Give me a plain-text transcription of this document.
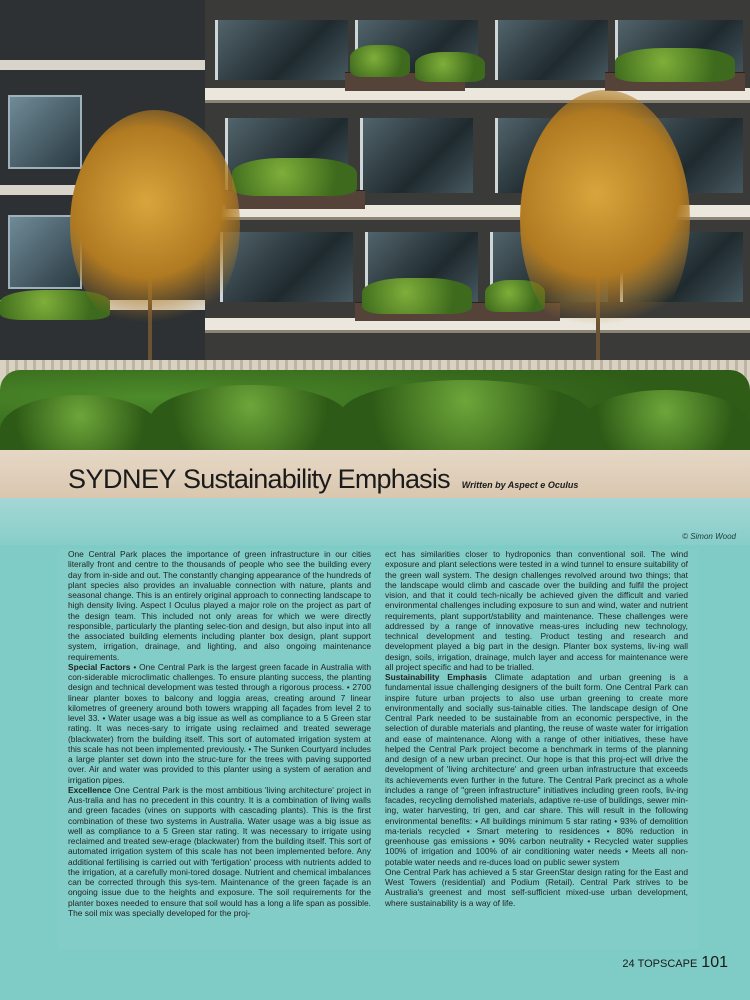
© Simon Wood
SYDNEY Sustainability Emphasis Written by Aspect e Oculus

One Central Park places the importance of green infrastructure in our cities literally front and centre to the thousands of people who see the building every day from in-side and out. The constantly changing appearance of the hundreds of plant species also provides an invaluable connection with nature, plants and seasonal change. This is an entirely original approach to connecting landscape to high density living. Aspect I Oculus played a major role on the project as part of the design team. This included not only areas for which we were directly responsible, particularly the planting selec-tion and design, but also input into all the associated building elements including planter box design, plant support system, irrigation, drainage, and lighting, and also ongoing maintenance requirements.

Special Factors • One Central Park is the largest green facade in Australia with con-siderable microclimatic challenges. To ensure planting success, the planting design and technical development was tested through a rigorous process. • 2700 linear planter boxes to balcony and loggia areas, creating around 7 linear kilometres of greenery around both towers wrapping all façades from level 2 to level 33. • Water usage was a big issue as well as compliance to a 5 Green star rating. It was neces-sary to irrigate using reclaimed and treated sewerage (blackwater) from the building itself. This sort of automated irrigation system at this scale has not been implemented previously. • The Sunken Courtyard includes a large planter set down into the struc-ture for the trees with paving supported over. Air and water was provided to this planter using a system of aeration and irrigation pipes.

Excellence One Central Park is the most ambitious 'living architecture' project in Aus-tralia and has no precedent in this country. It is a combination of living walls and green facades (vines on supports with cascading plants). This is the first combination of these two systems in Australia. Water usage was a big issue as well as compliance to a 5 Green star rating. It was necessary to irrigate using reclaimed and treated sew-erage (blackwater) from the building itself. This sort of automated irrigation system of this scale has not been implemented before. Any additional fertilising is carried out with 'fertigation' process with nutrients added to the irrigation, at a carefully moni-tored dosage. Nutrient and chemical imbalances can be corrected through this sys-tem. Maintenance of the green façade is an ongoing issue due to the heights and exposure. The soil requirements for the planter boxes needed to ensure that soil would has a long a life span as possible. The soil mix was specially developed for the proj-

ect has similarities closer to hydroponics than conventional soil. The wind exposure and plant selections were tested in a wind tunnel to ensure suitability of the green wall system. The design challenges revolved around two things; that the landscape would climb and cascade over the building and fulfil the project vision, and that it could tech-nically be achieved given the difficult and varied environmental challenges including exposure to sun and wind, water and nutrient requirements, plant support/stability and maintenance. These challenges were addressed by a range of innovative meas-ures including new technology, technical development and testing. Product testing and research and development played a big part in the design. Planter box systems, liv-ing wall design, soils, irrigation, drainage, mulch layer and access for maintenance were all project specific and had to be trialled.

Sustainability Emphasis Climate adaptation and urban greening is a fundamental issue challenging designers of the built form. One Central Park can inspire future urban projects to also use urban greening to create more environmentally and socially sus-tainable cities. The landscape design of One Central Park needed to be sustainable from an economic perspective, in the selection of durable materials and planting, the reuse of waste water for irrigation and ease of maintenance. Along with a range of other initiatives, these have helped the Central Park project become a benchmark in terms of the planning and design of a new urban precinct. Our hope is that this proj-ect will drive the development of 'living architecture' and green urban infrastructure that exceeds its achievements even further in the future. The Central Park precinct as a whole includes a range of "green infrastructure" initiatives including green roofs, liv-ing facades, recycling demolished materials, adaptive re-use of buildings, sewer min-ing, water harvesting, tri gen, and car share. This will result in the following environmental benefits: • All buildings minimum 5 star rating • 93% of demolition ma-terials recycled • Smart metering to residences • 80% reduction in greenhouse gas emissions • 90% carbon neutrality • Recycled water supplies 100% of irrigation and 100% of air conditioning water needs • Meets all non-potable water needs and re-duces load on public sewer system

One Central Park has achieved a 5 star GreenStar design rating for the East and West Towers (residential) and Podium (Retail). Central Park strives to be Australia's greenest and most self-sufficient mixed-use urban development, where sustainability is a way of life.

24 TOPSCAPE 101
